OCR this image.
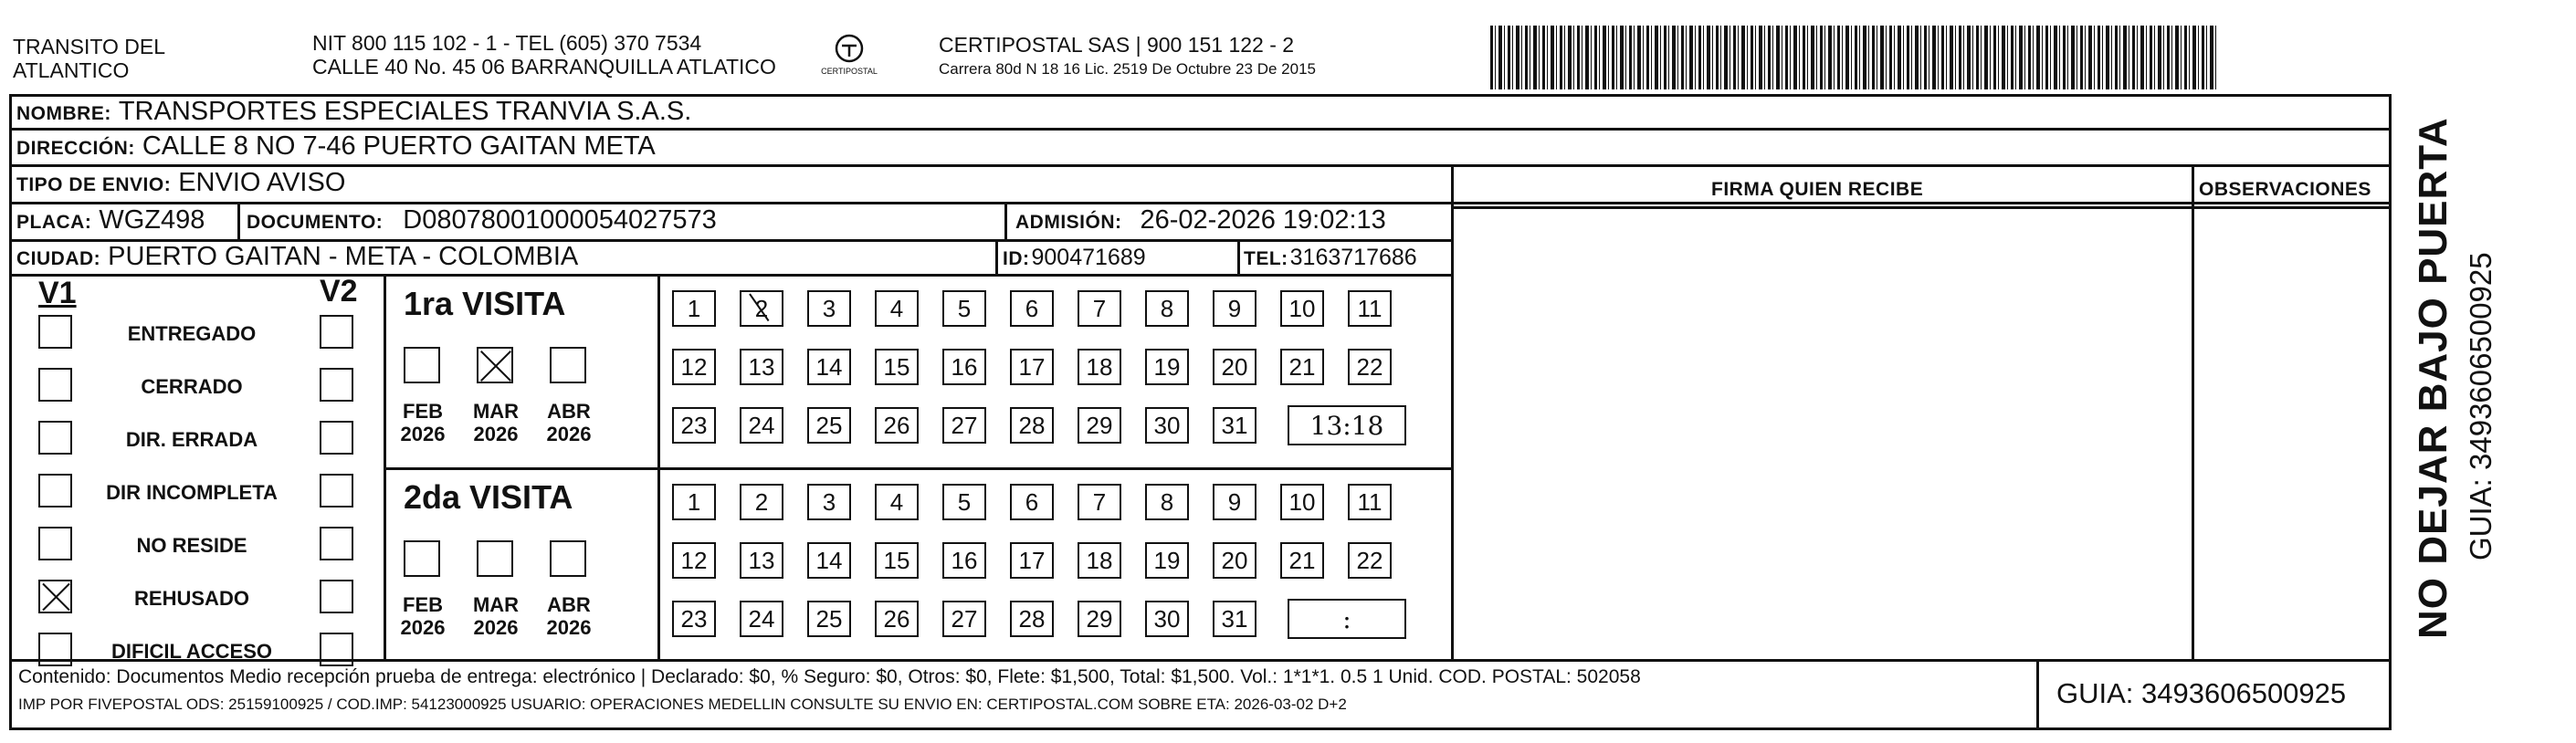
TRANSITO DEL
ATLANTICO
NIT 800 115 102 - 1 - TEL (605) 370 7534
CALLE 40 No. 45 06 BARRANQUILLA ATLATICO	CERTIPOSTAL
CERTIPOSTAL SAS | 900 151 122 - 2
Carrera 80d N 18 16 Lic. 2519 De Octubre 23 De 2015
NOMBRE: TRANSPORTES ESPECIALES TRANVIA S.A.S.
DIRECCIÓN: CALLE 8 NO 7-46 PUERTO GAITAN META
TIPO DE ENVIO: ENVIO AVISO	FIRMA QUIEN RECIBE	OBSERVACIONES
PLACA: WGZ498 DOCUMENTO: D08078001000054027573	ADMISIÓN: 26-02-2026 19:02:13
CIUDAD: PUERTO GAITAN - META - COLOMBIA	ID: 900471689	TEL: 3163717686
V1	V2
ENTREGADO
CERRADO
DIR. ERRADA
DIR INCOMPLETA
NO RESIDE
REHUSADO
DIFICIL ACCESO
1ra VISITA
FEB
2026
MAR
2026
ABR
2026
1	2	3	4	5	6	7	8	9	10	11
12	13	14	15	16	17	18	19	20	21	22
23	24	25	26	27	28	29	30	31	13:18
2da VISITA
FEB
2026
MAR
2026
ABR
2026
1	2	3	4	5	6	7	8	9	10	11
12	13	14	15	16	17	18	19	20	21	22
23	24	25	26	27	28	29	30	31	:
Contenido: Documentos Medio recepción prueba de entrega: electrónico | Declarado: $0, % Seguro: $0, Otros: $0, Flete: $1,500, Total: $1,500. Vol.: 1*1*1. 0.5 1 Unid. COD. POSTAL: 502058
IMP POR FIVEPOSTAL ODS: 25159100925 / COD.IMP: 54123000925 USUARIO: OPERACIONES MEDELLIN CONSULTE SU ENVIO EN: CERTIPOSTAL.COM SOBRE ETA: 2026-03-02 D+2	GUIA: 3493606500925
NO DEJAR BAJO PUERTA GUIA: 3493606500925
